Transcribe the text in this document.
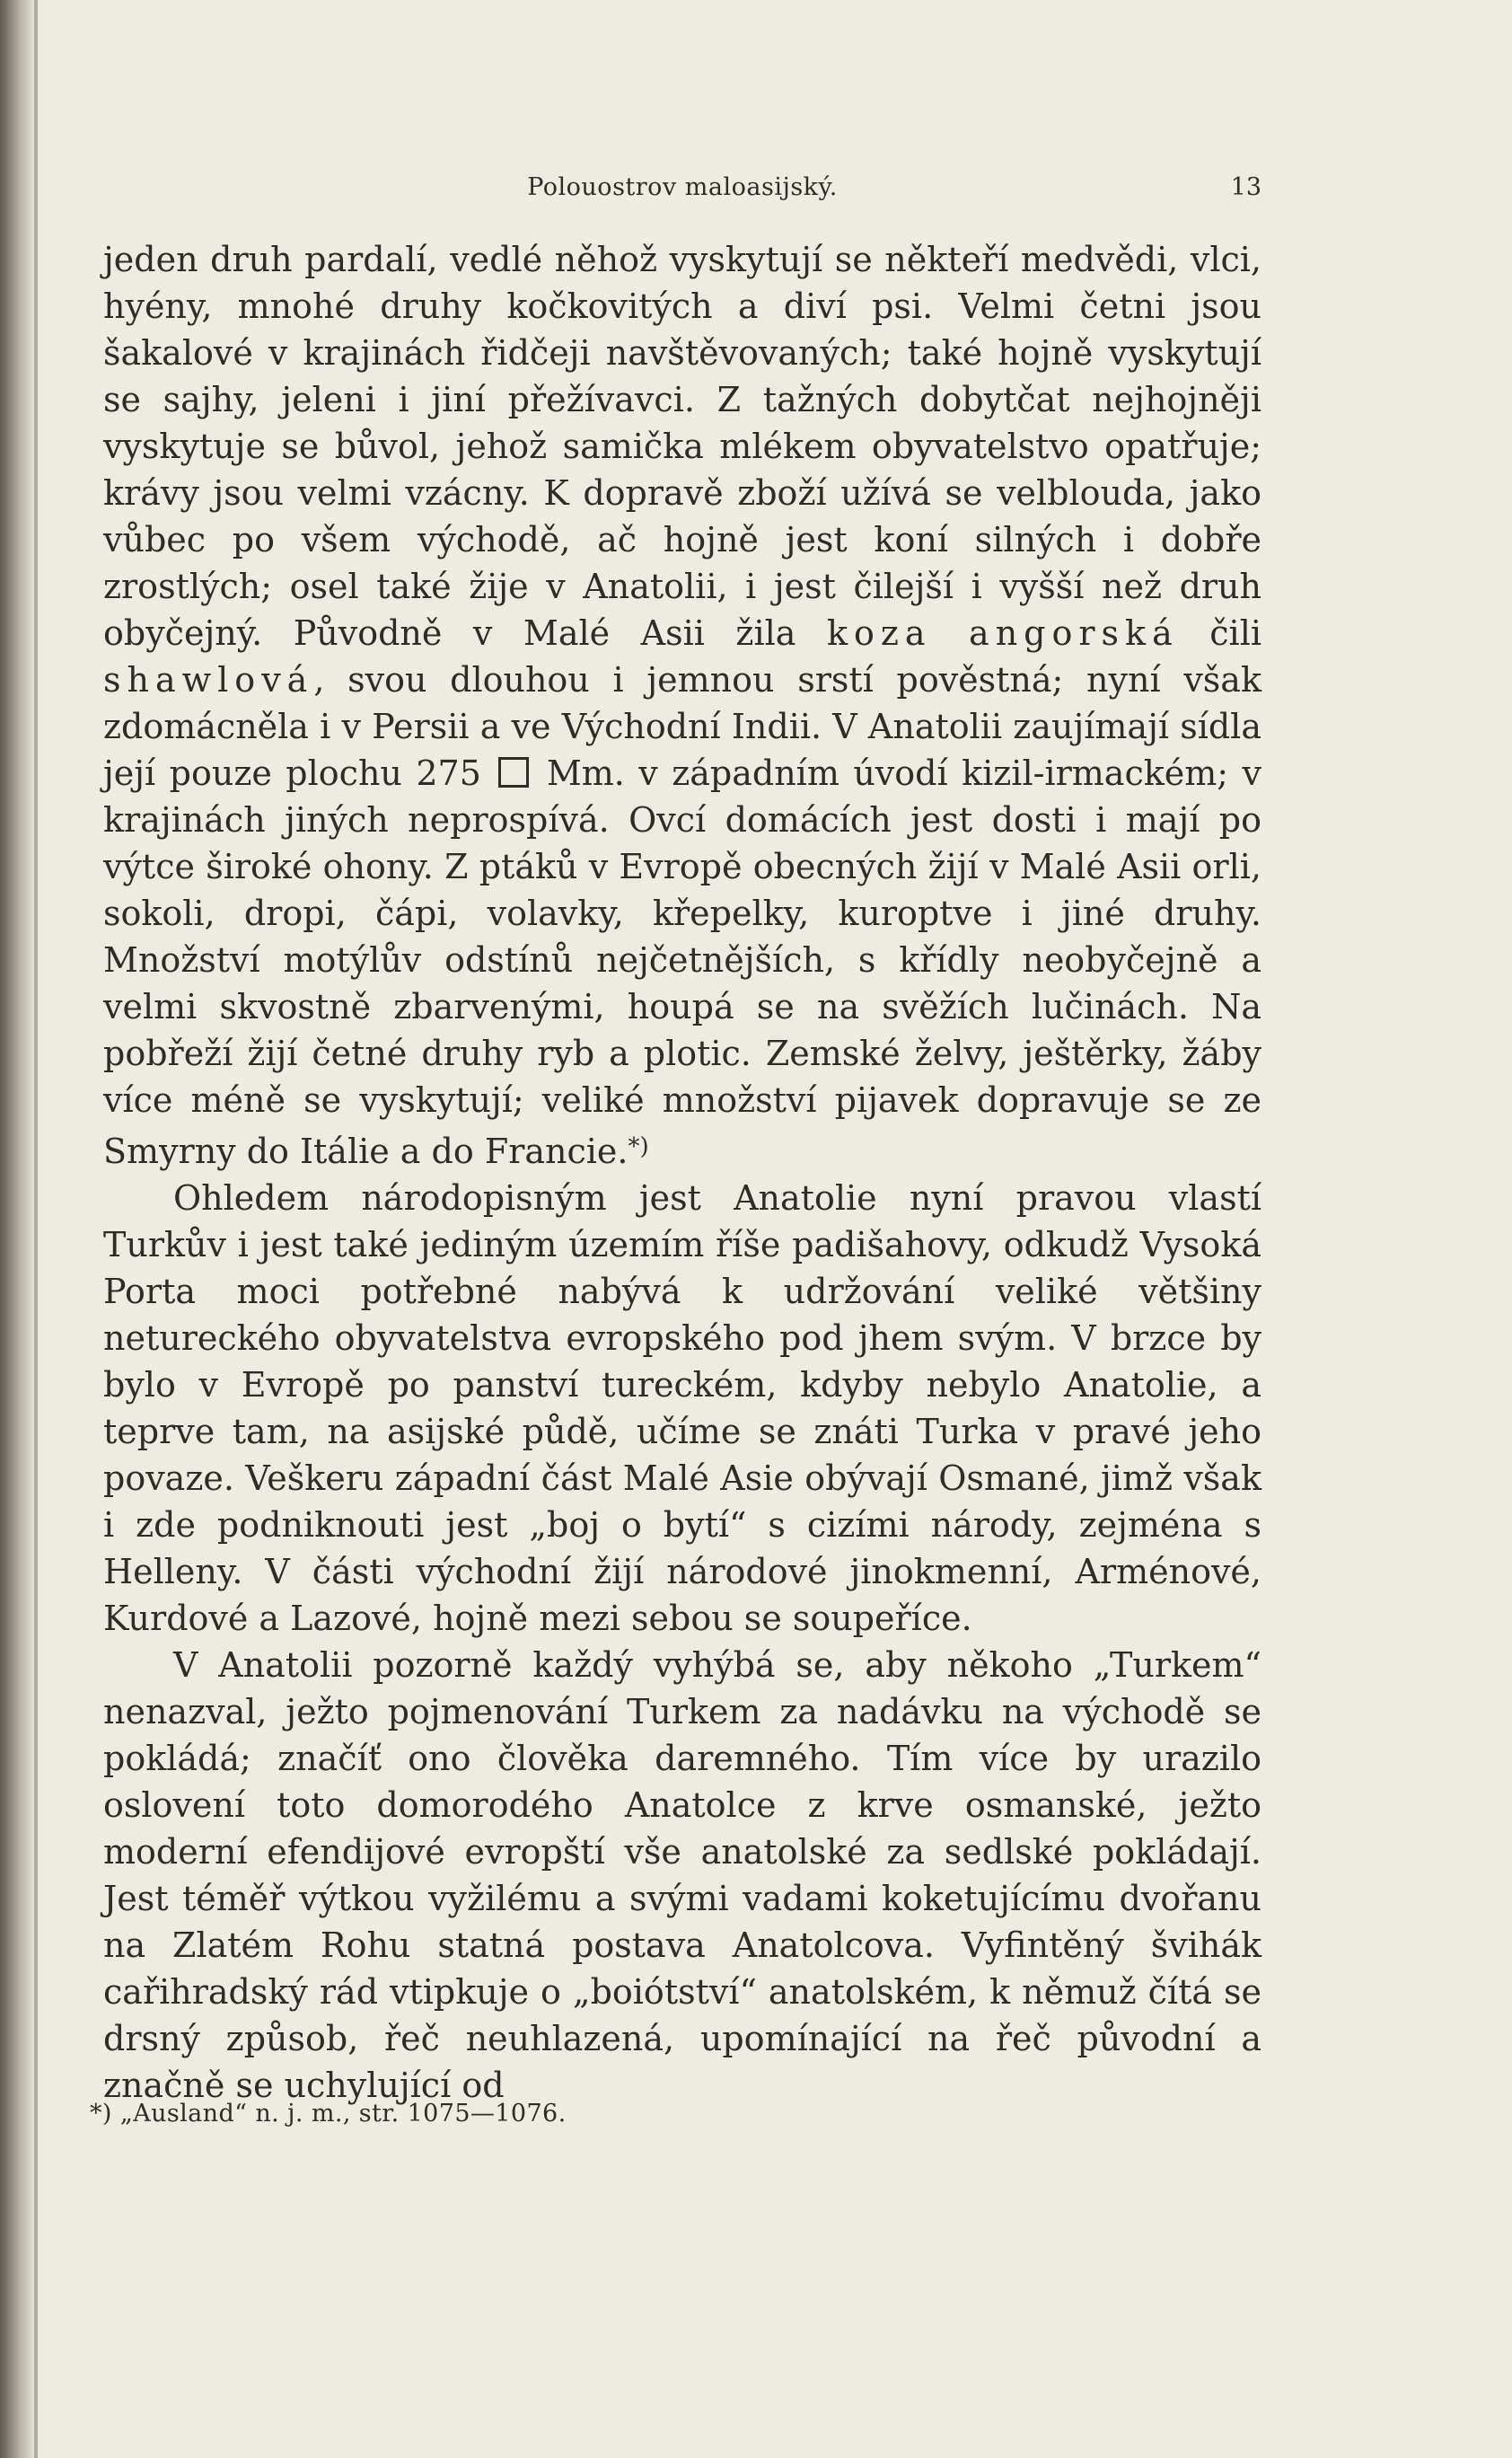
Polouostrov maloasijský.	13

jeden druh pardalí, vedlé něhož vyskytují se někteří medvědi, vlci, hyény, mnohé druhy kočkovitých a diví psi. Velmi četni jsou šakalové v krajinách řidčeji navštěvovaných; také hojně vyskytují se sajhy, jeleni i jiní přežívavci. Z tažných dobytčat nejhojněji vyskytuje se bůvol, jehož samička mlékem obyvatelstvo opatřuje; krávy jsou velmi vzácny. K dopravě zboží užívá se velblouda, jako vůbec po všem východě, ač hojně jest koní silných i dobře zrostlých; osel také žije v Anatolii, i jest čilejší i vyšší než druh obyčejný. Původně v Malé Asii žila koza angorská čili shawlová, svou dlouhou i jemnou srstí pověstná; nyní však zdomácněla i v Persii a ve Východní Indii. V Anatolii zaujímají sídla její pouze plochu 275  Mm. v západním úvodí kizil-irmackém; v krajinách jiných neprospívá. Ovcí domácích jest dosti i mají po výtce široké ohony. Z ptáků v Evropě obecných žijí v Malé Asii orli, sokoli, dropi, čápi, volavky, křepelky, kuroptve i jiné druhy. Množství motýlův odstínů nejčetnějších, s křídly neobyčejně a velmi skvostně zbarvenými, houpá se na svěžích lučinách. Na pobřeží žijí četné druhy ryb a plotic. Zemské želvy, ještěrky, žáby více méně se vyskytují; veliké množství pijavek dopravuje se ze Smyrny do Itálie a do Francie.*)

Ohledem národopisným jest Anatolie nyní pravou vlastí Turkův i jest také jediným územím říše padišahovy, odkudž Vysoká Porta moci potřebné nabývá k udržování veliké většiny netureckého obyvatelstva evropského pod jhem svým. V brzce by bylo v Evropě po panství tureckém, kdyby nebylo Anatolie, a teprve tam, na asijské půdě, učíme se znáti Turka v pravé jeho povaze. Veškeru západní část Malé Asie obývají Osmané, jimž však i zde podniknouti jest „boj o bytí“ s cizími národy, zejména s Helleny. V části východní žijí národové jinokmenní, Arménové, Kurdové a Lazové, hojně mezi sebou se soupeříce.

V Anatolii pozorně každý vyhýbá se, aby někoho „Turkem“ nenazval, ježto pojmenování Turkem za nadávku na východě se pokládá; značíť ono člověka daremného. Tím více by urazilo oslovení toto domorodého Anatolce z krve osmanské, ježto moderní efendijové evropští vše anatolské za sedlské pokládají. Jest téměř výtkou vyžilému a svými vadami koketujícímu dvořanu na Zlatém Rohu statná postava Anatolcova. Vyfintěný švihák cařihradský rád vtipkuje o „boiótství“ anatolském, k němuž čítá se drsný způsob, řeč neuhlazená, upomínající na řeč původní a značně se uchylující od

*) „Ausland“ n. j. m., str. 1075—1076.
